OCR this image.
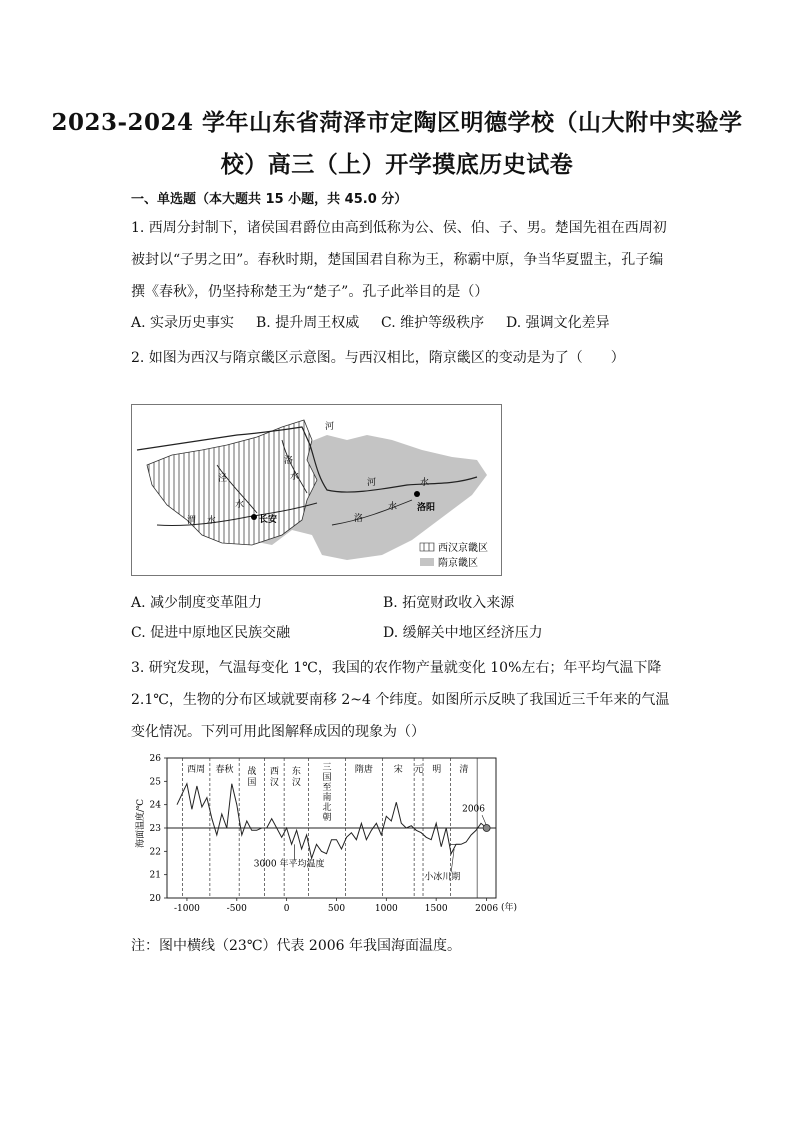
2023-2024 学年山东省菏泽市定陶区明德学校（山大附中实验学
校）高三（上）开学摸底历史试卷
一、单选题（本大题共 15 小题，共 45.0 分）
1. 西周分封制下，诸侯国君爵位由高到低称为公、侯、伯、子、男。楚国先祖在西周初被封以“子男之田”。春秋时期，楚国国君自称为王，称霸中原，争当华夏盟主，孔子编撰《春秋》，仍坚持称楚王为“楚子”。孔子此举目的是（）
A. 实录历史事实 B. 提升周王权威 C. 维护等级秩序 D. 强调文化差异
2. 如图为西汉与隋京畿区示意图。与西汉相比，隋京畿区的变动是为了（　　）
河
洛
水
泾
水
渭 水
河	水
洛
水
长安
洛阳
西汉京畿区
隋京畿区
A. 减少制度变革阻力	B. 拓宽财政收入来源
C. 促进中原地区民族交融	D. 缓解关中地区经济压力
3. 研究发现，气温每变化 1℃，我国的农作物产量就变化 10%左右；年平均气温下降 2.1℃，生物的分布区域就要南移 2~4 个纬度。如图所示反映了我国近三千年来的气温变化情况。下列可用此图解释成因的现象为（）
20
21
22
23
24
25
26
-1000	-500	0	500	1000	1500	2006
西周 春秋 战
国
西
汉
东
汉
三
国
至
南
北
朝
隋唐 宋 元 明 清
3000 年平均温度
小冰川期
2006
海面温度/℃
(年)
注：图中横线（23℃）代表 2006 年我国海面温度。
